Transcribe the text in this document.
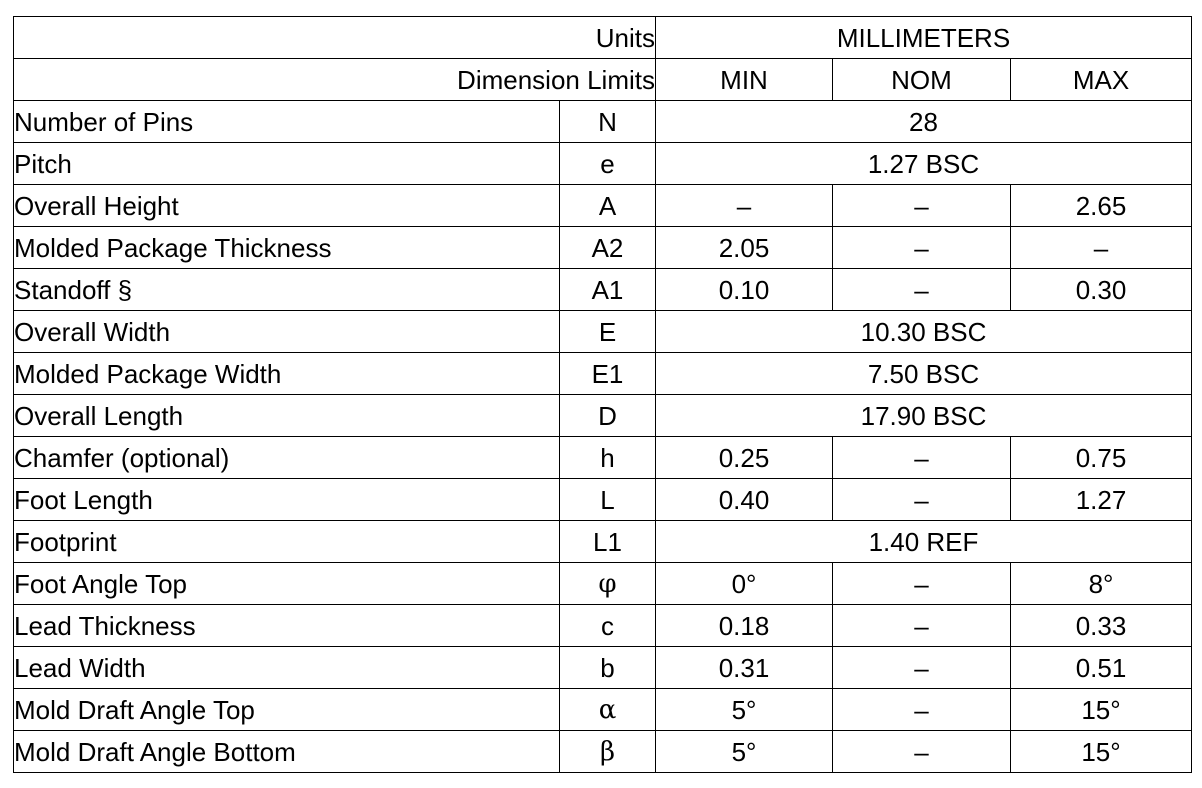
Units		MILLIMETERS		
Dimension Limits		MIN	NOM	MAX
Number of Pins	N	28		
Pitch	e	1.27 BSC		
Overall Height	A	–	–	2.65
Molded Package Thickness	A2	2.05	–	–
Standoff §	A1	0.10	–	0.30
Overall Width	E	10.30 BSC		
Molded Package Width	E1	7.50 BSC		
Overall Length	D	17.90 BSC		
Chamfer (optional)	h	0.25	–	0.75
Foot Length	L	0.40	–	1.27
Footprint	L1	1.40 REF		
Foot Angle Top	φ	0°	–	8°
Lead Thickness	c	0.18	–	0.33
Lead Width	b	0.31	–	0.51
Mold Draft Angle Top	α	5°	–	15°
Mold Draft Angle Bottom	β	5°	–	15°
